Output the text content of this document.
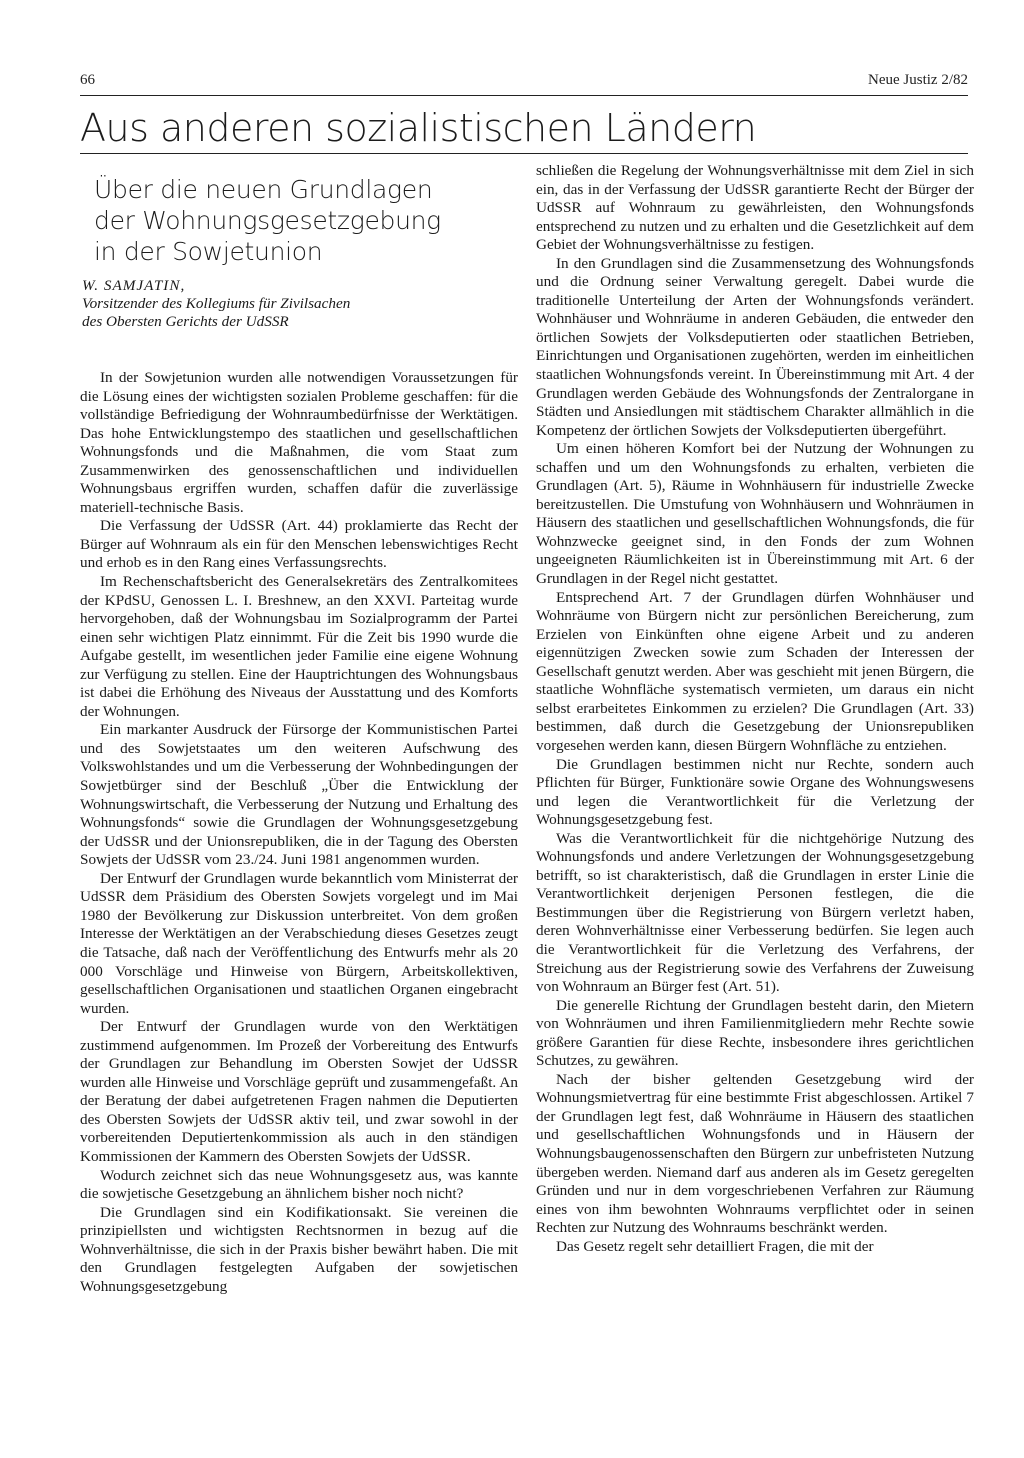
66	Neue Justiz 2/82
Aus anderen sozialistischen Ländern
Über die neuen Grundlagen
der Wohnungsgesetzgebung
in der Sowjetunion
W. SAMJATIN,
Vorsitzender des Kollegiums für Zivilsachen
des Obersten Gerichts der UdSSR

In der Sowjetunion wurden alle notwendigen Voraussetzungen für die Lösung eines der wichtigsten sozialen Probleme geschaffen: für die vollständige Befriedigung der Wohnraumbedürfnisse der Werktätigen. Das hohe Entwicklungstempo des staatlichen und gesellschaftlichen Wohnungsfonds und die Maßnahmen, die vom Staat zum Zusammenwirken des genossenschaftlichen und individuellen Wohnungsbaus ergriffen wurden, schaffen dafür die zuverlässige materiell-technische Basis.

Die Verfassung der UdSSR (Art. 44) proklamierte das Recht der Bürger auf Wohnraum als ein für den Menschen lebenswichtiges Recht und erhob es in den Rang eines Verfassungsrechts.

Im Rechenschaftsbericht des Generalsekretärs des Zentralkomitees der KPdSU, Genossen L. I. Breshnew, an den XXVI. Parteitag wurde hervorgehoben, daß der Wohnungsbau im Sozialprogramm der Partei einen sehr wichtigen Platz einnimmt. Für die Zeit bis 1990 wurde die Aufgabe gestellt, im wesentlichen jeder Familie eine eigene Wohnung zur Verfügung zu stellen. Eine der Hauptrichtungen des Wohnungsbaus ist dabei die Erhöhung des Niveaus der Ausstattung und des Komforts der Wohnungen.

Ein markanter Ausdruck der Fürsorge der Kommunistischen Partei und des Sowjetstaates um den weiteren Aufschwung des Volkswohlstandes und um die Verbesserung der Wohnbedingungen der Sowjetbürger sind der Beschluß „Über die Entwicklung der Wohnungswirtschaft, die Verbesserung der Nutzung und Erhaltung des Wohnungsfonds“ sowie die Grundlagen der Wohnungsgesetzgebung der UdSSR und der Unionsrepubliken, die in der Tagung des Obersten Sowjets der UdSSR vom 23./24. Juni 1981 angenommen wurden.

Der Entwurf der Grundlagen wurde bekanntlich vom Ministerrat der UdSSR dem Präsidium des Obersten Sowjets vorgelegt und im Mai 1980 der Bevölkerung zur Diskussion unterbreitet. Von dem großen Interesse der Werktätigen an der Verabschiedung dieses Gesetzes zeugt die Tatsache, daß nach der Veröffentlichung des Entwurfs mehr als 20 000 Vorschläge und Hinweise von Bürgern, Arbeitskollektiven, gesellschaftlichen Organisationen und staatlichen Organen eingebracht wurden.

Der Entwurf der Grundlagen wurde von den Werktätigen zustimmend aufgenommen. Im Prozeß der Vorbereitung des Entwurfs der Grundlagen zur Behandlung im Obersten Sowjet der UdSSR wurden alle Hinweise und Vorschläge geprüft und zusammengefaßt. An der Beratung der dabei aufgetretenen Fragen nahmen die Deputierten des Obersten Sowjets der UdSSR aktiv teil, und zwar sowohl in der vorbereitenden Deputiertenkommission als auch in den ständigen Kommissionen der Kammern des Obersten Sowjets der UdSSR.

Wodurch zeichnet sich das neue Wohnungsgesetz aus, was kannte die sowjetische Gesetzgebung an ähnlichem bisher noch nicht?

Die Grundlagen sind ein Kodifikationsakt. Sie vereinen die prinzipiellsten und wichtigsten Rechtsnormen in bezug auf die Wohnverhältnisse, die sich in der Praxis bisher bewährt haben. Die mit den Grundlagen festgelegten Aufgaben der sowjetischen Wohnungsgesetzgebung

schließen die Regelung der Wohnungsverhältnisse mit dem Ziel in sich ein, das in der Verfassung der UdSSR garantierte Recht der Bürger der UdSSR auf Wohnraum zu gewährleisten, den Wohnungsfonds entsprechend zu nutzen und zu erhalten und die Gesetzlichkeit auf dem Gebiet der Wohnungsverhältnisse zu festigen.

In den Grundlagen sind die Zusammensetzung des Wohnungsfonds und die Ordnung seiner Verwaltung geregelt. Dabei wurde die traditionelle Unterteilung der Arten der Wohnungsfonds verändert. Wohnhäuser und Wohnräume in anderen Gebäuden, die entweder den örtlichen Sowjets der Volksdeputierten oder staatlichen Betrieben, Einrichtungen und Organisationen zugehörten, werden im einheitlichen staatlichen Wohnungsfonds vereint. In Übereinstimmung mit Art. 4 der Grundlagen werden Gebäude des Wohnungsfonds der Zentralorgane in Städten und Ansiedlungen mit städtischem Charakter allmählich in die Kompetenz der örtlichen Sowjets der Volksdeputierten übergeführt.

Um einen höheren Komfort bei der Nutzung der Wohnungen zu schaffen und um den Wohnungsfonds zu erhalten, verbieten die Grundlagen (Art. 5), Räume in Wohnhäusern für industrielle Zwecke bereitzustellen. Die Umstufung von Wohnhäusern und Wohnräumen in Häusern des staatlichen und gesellschaftlichen Wohnungsfonds, die für Wohnzwecke geeignet sind, in den Fonds der zum Wohnen ungeeigneten Räumlichkeiten ist in Übereinstimmung mit Art. 6 der Grundlagen in der Regel nicht gestattet.

Entsprechend Art. 7 der Grundlagen dürfen Wohnhäuser und Wohnräume von Bürgern nicht zur persönlichen Bereicherung, zum Erzielen von Einkünften ohne eigene Arbeit und zu anderen eigennützigen Zwecken sowie zum Schaden der Interessen der Gesellschaft genutzt werden. Aber was geschieht mit jenen Bürgern, die staatliche Wohnfläche systematisch vermieten, um daraus ein nicht selbst erarbeitetes Einkommen zu erzielen? Die Grundlagen (Art. 33) bestimmen, daß durch die Gesetzgebung der Unionsrepubliken vorgesehen werden kann, diesen Bürgern Wohnfläche zu entziehen.

Die Grundlagen bestimmen nicht nur Rechte, sondern auch Pflichten für Bürger, Funktionäre sowie Organe des Wohnungswesens und legen die Verantwortlichkeit für die Verletzung der Wohnungsgesetzgebung fest.

Was die Verantwortlichkeit für die nichtgehörige Nutzung des Wohnungsfonds und andere Verletzungen der Wohnungsgesetzgebung betrifft, so ist charakteristisch, daß die Grundlagen in erster Linie die Verantwortlichkeit derjenigen Personen festlegen, die die Bestimmungen über die Registrierung von Bürgern verletzt haben, deren Wohnverhältnisse einer Verbesserung bedürfen. Sie legen auch die Verantwortlichkeit für die Verletzung des Verfahrens, der Streichung aus der Registrierung sowie des Verfahrens der Zuweisung von Wohnraum an Bürger fest (Art. 51).

Die generelle Richtung der Grundlagen besteht darin, den Mietern von Wohnräumen und ihren Familienmitgliedern mehr Rechte sowie größere Garantien für diese Rechte, insbesondere ihres gerichtlichen Schutzes, zu gewähren.

Nach der bisher geltenden Gesetzgebung wird der Wohnungsmietvertrag für eine bestimmte Frist abgeschlossen. Artikel 7 der Grundlagen legt fest, daß Wohnräume in Häusern des staatlichen und gesellschaftlichen Wohnungsfonds und in Häusern der Wohnungsbaugenossenschaften den Bürgern zur unbefristeten Nutzung übergeben werden. Niemand darf aus anderen als im Gesetz geregelten Gründen und nur in dem vorgeschriebenen Verfahren zur Räumung eines von ihm bewohnten Wohnraums verpflichtet oder in seinen Rechten zur Nutzung des Wohnraums beschränkt werden.

Das Gesetz regelt sehr detailliert Fragen, die mit der
